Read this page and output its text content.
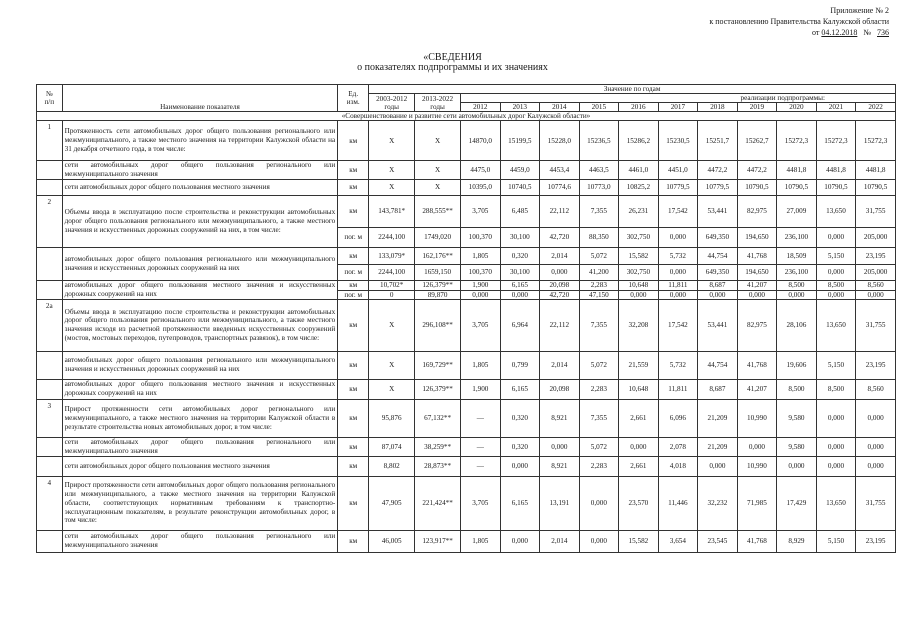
Приложение № 2
к постановлению Правительства Калужской области
от 04.12.2018 № 736
«СВЕДЕНИЯ
о показателях подпрограммы и их значениях
№
п/п	Наименование показателя	Ед.
изм.	Значение по годам												
			2003-2012
годы	2013-2022
годы	реализации подпрограммы:										
					2012	2013	2014	2015	2016	2017	2018	2019	2020	2021	2022
«Совершенствование и развитие сети автомобильных дорог Калужской области»															
1	Протяженность сети автомобильных дорог общего пользования регионального или межмуниципального, а также местного значения на территории Калужской области на 31 декабря отчетного года, в том числе:	км	Х	Х	14870,0	15199,5	15228,0	15236,5	15286,2	15230,5	15251,7	15262,7	15272,3	15272,3	15272,3
	сети автомобильных дорог общего пользования регионального или межмуниципального значения	км	Х	Х	4475,0	4459,0	4453,4	4463,5	4461,0	4451,0	4472,2	4472,2	4481,8	4481,8	4481,8
	сети автомобильных дорог общего пользования местного значения	км	Х	Х	10395,0	10740,5	10774,6	10773,0	10825,2	10779,5	10779,5	10790,5	10790,5	10790,5	10790,5
2	Объемы ввода в эксплуатацию после строительства и реконструкции автомобильных дорог общего пользования регионального или межмуниципального, а также местного значения и искусственных дорожных сооружений на них, в том числе:	км	143,781*	288,555**	3,705	6,485	22,112	7,355	26,231	17,542	53,441	82,975	27,009	13,650	31,755
		пог. м	2244,100	1749,020	100,370	30,100	42,720	88,350	302,750	0,000	649,350	194,650	236,100	0,000	205,000
	автомобильных дорог общего пользования регионального или межмуниципального значения и искусственных дорожных сооружений на них	км	133,079*	162,176**	1,805	0,320	2,014	5,072	15,582	5,732	44,754	41,768	18,509	5,150	23,195
		пог. м	2244,100	1659,150	100,370	30,100	0,000	41,200	302,750	0,000	649,350	194,650	236,100	0,000	205,000
	автомобильных дорог общего пользования местного значения и искусственных дорожных сооружений на них	км	10,702*	126,379**	1,900	6,165	20,098	2,283	10,648	11,811	8,687	41,207	8,500	8,500	8,560
		пог. м	0	89,870	0,000	0,000	42,720	47,150	0,000	0,000	0,000	0,000	0,000	0,000	0,000
2а	Объемы ввода в эксплуатацию после строительства и реконструкции автомобильных дорог общего пользования регионального или межмуниципального, а также местного значения исходя из расчетной протяженности введенных искусственных сооружений (мостов, мостовых переходов, путепроводов, транспортных развязок), в том числе:	км	Х	296,108**	3,705	6,964	22,112	7,355	32,208	17,542	53,441	82,975	28,106	13,650	31,755
	автомобильных дорог общего пользования регионального или межмуниципального значения и искусственных дорожных сооружений на них	км	Х	169,729**	1,805	0,799	2,014	5,072	21,559	5,732	44,754	41,768	19,606	5,150	23,195
	автомобильных дорог общего пользования местного значения и искусственных дорожных сооружений на них	км	Х	126,379**	1,900	6,165	20,098	2,283	10,648	11,811	8,687	41,207	8,500	8,500	8,560
3	Прирост протяженности сети автомобильных дорог регионального или межмуниципального, а также местного значения на территории Калужской области в результате строительства новых автомобильных дорог, в том числе:	км	95,876	67,132**	—	0,320	8,921	7,355	2,661	6,096	21,209	10,990	9,580	0,000	0,000
	сети автомобильных дорог общего пользования регионального или межмуниципального значения	км	87,074	38,259**	—	0,320	0,000	5,072	0,000	2,078	21,209	0,000	9,580	0,000	0,000
	сети автомобильных дорог общего пользования местного значения	км	8,802	28,873**	—	0,000	8,921	2,283	2,661	4,018	0,000	10,990	0,000	0,000	0,000
4	Прирост протяженности сети автомобильных дорог общего пользования регионального или межмуниципального, а также местного значения на территории Калужской области, соответствующих нормативным требованиям к транспортно-эксплуатационным показателям, в результате реконструкции автомобильных дорог, в том числе:	км	47,905	221,424**	3,705	6,165	13,191	0,000	23,570	11,446	32,232	71,985	17,429	13,650	31,755
	сети автомобильных дорог общего пользования регионального или межмуниципального значения	км	46,005	123,917**	1,805	0,000	2,014	0,000	15,582	3,654	23,545	41,768	8,929	5,150	23,195
